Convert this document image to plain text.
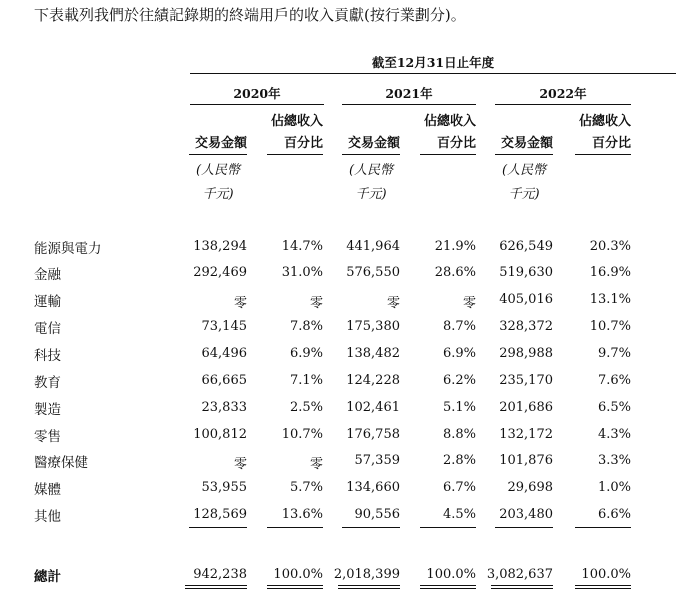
下表載列我們於往績記錄期的終端用戶的收入貢獻(按行業劃分)。
截至12月31日止年度
2020年	2021年	2022年
交易金額
佔總收入
百分比
(人民幣
千元)
交易金額
佔總收入
百分比
(人民幣
千元)
交易金額
佔總收入
百分比
(人民幣
千元)
能源與電力	138,294	14.7%	441,964	21.9%	626,549	20.3%
金融	292,469	31.0%	576,550	28.6%	519,630	16.9%
運輸	零	零	零	零	405,016	13.1%
電信	73,145	7.8%	175,380	8.7%	328,372	10.7%
科技	64,496	6.9%	138,482	6.9%	298,988	9.7%
教育	66,665	7.1%	124,228	6.2%	235,170	7.6%
製造	23,833	2.5%	102,461	5.1%	201,686	6.5%
零售	100,812	10.7%	176,758	8.8%	132,172	4.3%
醫療保健	零	零	57,359	2.8%	101,876	3.3%
媒體	53,955	5.7%	134,660	6.7%	29,698	1.0%
其他	128,569	13.6%	90,556	4.5%	203,480	6.6%
總計	942,238	100.0% 2,018,399	100.0% 3,082,637	100.0%
